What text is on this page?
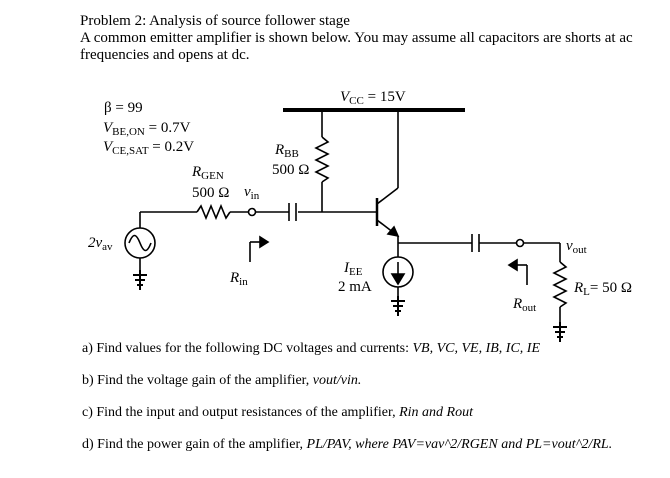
Problem 2: Analysis of source follower stage
A common emitter amplifier is shown below. You may assume all capacitors are shorts at ac
frequencies and opens at dc.
β = 99
$V_{BE,ON} = 0.7V$
$V_{CE,SAT} = 0.2V$
$V_{CC} = 15V$
$R_{BB}$
500 Ω
$R_{GEN}$
500 Ω $v_{in}$
$2v_{av}$
$R_{in}$
$I_{EE}$
2 mA
$v_{out}$
$R_{out}$
$R_L= 50$ Ω
a) Find values for the following DC voltages and currents: VB, VC, VE, IB, IC, IE
b) Find the voltage gain of the amplifier, vout/vin.
c) Find the input and output resistances of the amplifier, Rin and Rout
d) Find the power gain of the amplifier, PL/PAV, where PAV=vav^2/RGEN and PL=vout^2/RL.
